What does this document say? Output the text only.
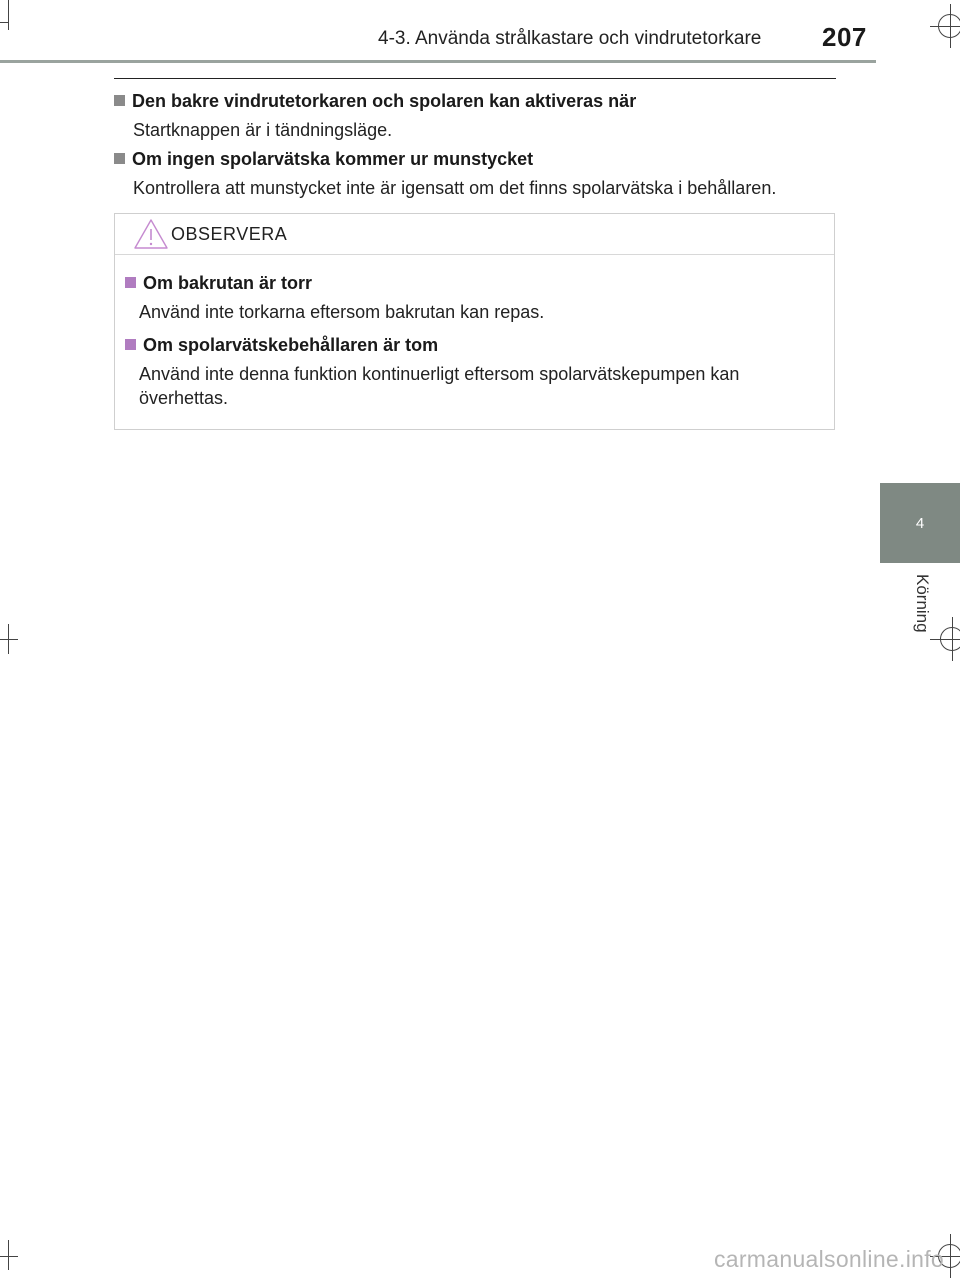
4-3. Använda strålkastare och vindrutetorkare 207
4
Körning
Den bakre vindrutetorkaren och spolaren kan aktiveras när
Startknappen är i tändningsläge.
Om ingen spolarvätska kommer ur munstycket
Kontrollera att munstycket inte är igensatt om det finns spolarvätska i behållaren.
OBSERVERA
Om bakrutan är torr
Använd inte torkarna eftersom bakrutan kan repas.
Om spolarvätskebehållaren är tom
Använd inte denna funktion kontinuerligt eftersom spolarvätskepumpen kan överhettas.
carmanualsonline.info
